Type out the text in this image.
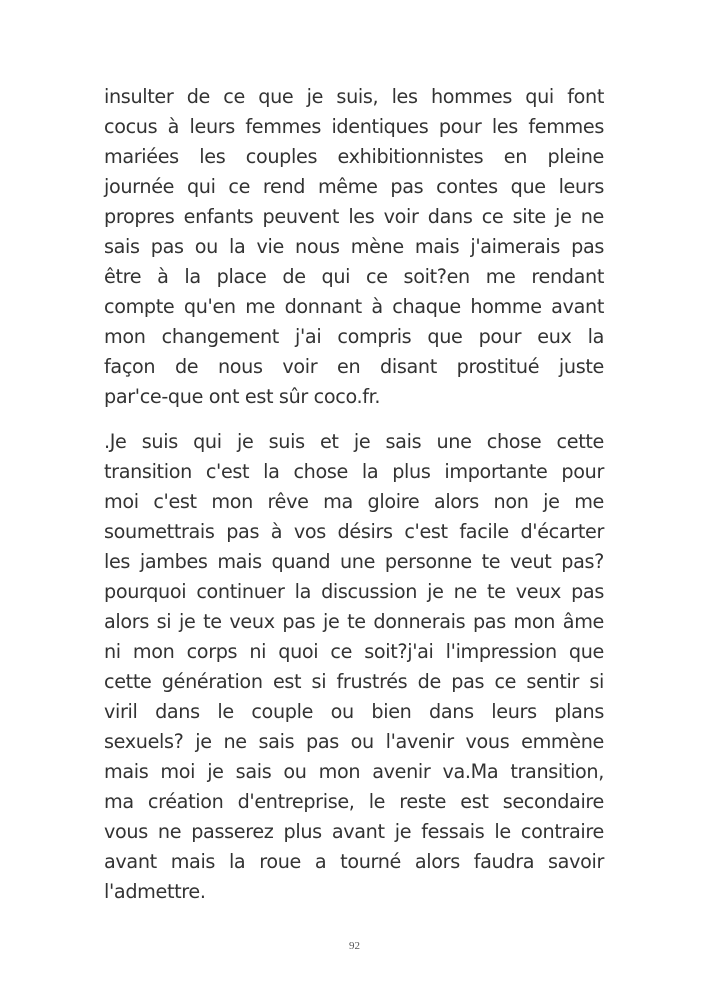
insulter de ce que je suis, les hommes qui font
cocus à leurs femmes identiques pour les femmes
mariées les couples exhibitionnistes en pleine
journée qui ce rend même pas contes que leurs
propres enfants peuvent les voir dans ce site je ne
sais pas ou la vie nous mène mais j'aimerais pas
être à la place de qui ce soit?en me rendant
compte qu'en me donnant à chaque homme avant
mon changement j'ai compris que pour eux la
façon de nous voir en disant prostitué juste
par'ce-que ont est sûr coco.fr.
.Je suis qui je suis et je sais une chose cette
transition c'est la chose la plus importante pour
moi c'est mon rêve ma gloire alors non je me
soumettrais pas à vos désirs c'est facile d'écarter
les jambes mais quand une personne te veut pas?
pourquoi continuer la discussion je ne te veux pas
alors si je te veux pas je te donnerais pas mon âme
ni mon corps ni quoi ce soit?j'ai l'impression que
cette génération est si frustrés de pas ce sentir si
viril dans le couple ou bien dans leurs plans
sexuels? je ne sais pas ou l'avenir vous emmène
mais moi je sais ou mon avenir va.Ma transition,
ma création d'entreprise, le reste est secondaire
vous ne passerez plus avant je fessais le contraire
avant mais la roue a tourné alors faudra savoir
l'admettre.
92
